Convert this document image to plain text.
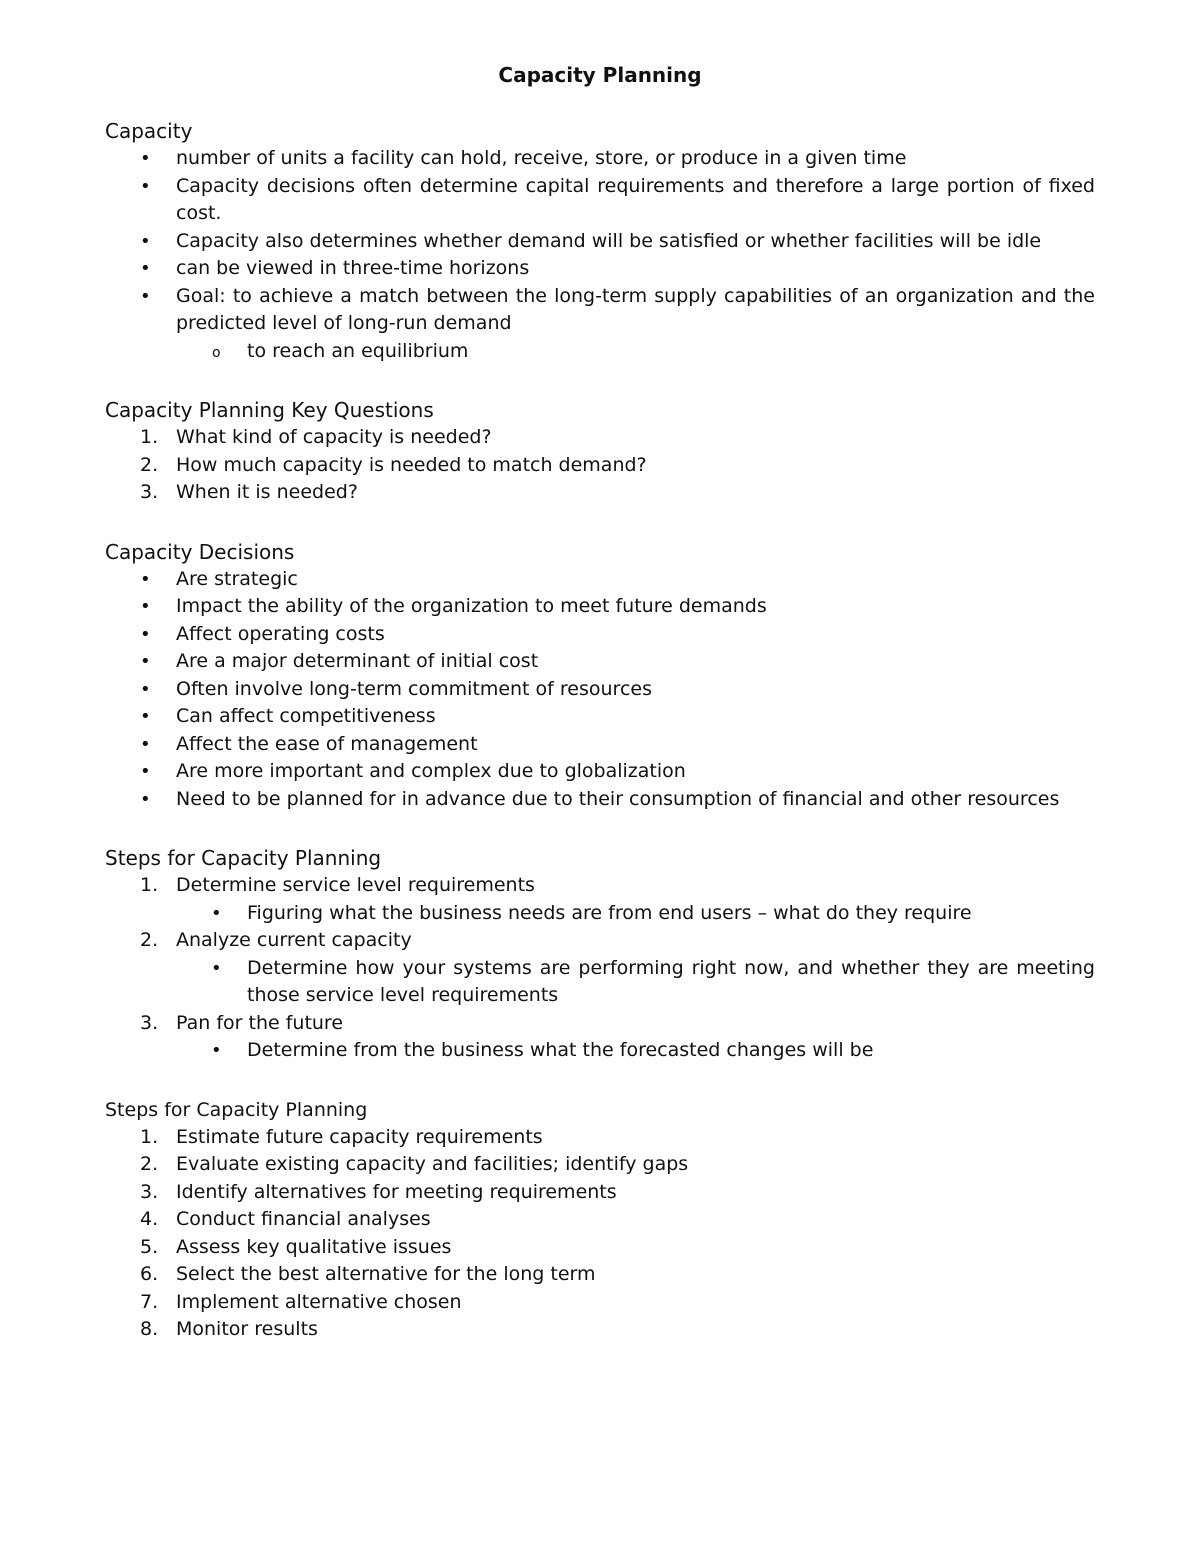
Capacity Planning
Capacity
• number of units a facility can hold, receive, store, or produce in a given time
• Capacity decisions often determine capital requirements and therefore a large portion of fixed cost.
• Capacity also determines whether demand will be satisfied or whether facilities will be idle
• can be viewed in three-time horizons
• Goal: to achieve a match between the long-term supply capabilities of an organization and the predicted level of long-run demand
o to reach an equilibrium
Capacity Planning Key Questions
1. What kind of capacity is needed?
2. How much capacity is needed to match demand?
3. When it is needed?
Capacity Decisions
• Are strategic
• Impact the ability of the organization to meet future demands
• Affect operating costs
• Are a major determinant of initial cost
• Often involve long-term commitment of resources
• Can affect competitiveness
• Affect the ease of management
• Are more important and complex due to globalization
• Need to be planned for in advance due to their consumption of financial and other resources
Steps for Capacity Planning
1. Determine service level requirements
• Figuring what the business needs are from end users – what do they require
2. Analyze current capacity
• Determine how your systems are performing right now, and whether they are meeting those service level requirements
3. Pan for the future
• Determine from the business what the forecasted changes will be
Steps for Capacity Planning
1. Estimate future capacity requirements
2. Evaluate existing capacity and facilities; identify gaps
3. Identify alternatives for meeting requirements
4. Conduct financial analyses
5. Assess key qualitative issues
6. Select the best alternative for the long term
7. Implement alternative chosen
8. Monitor results
